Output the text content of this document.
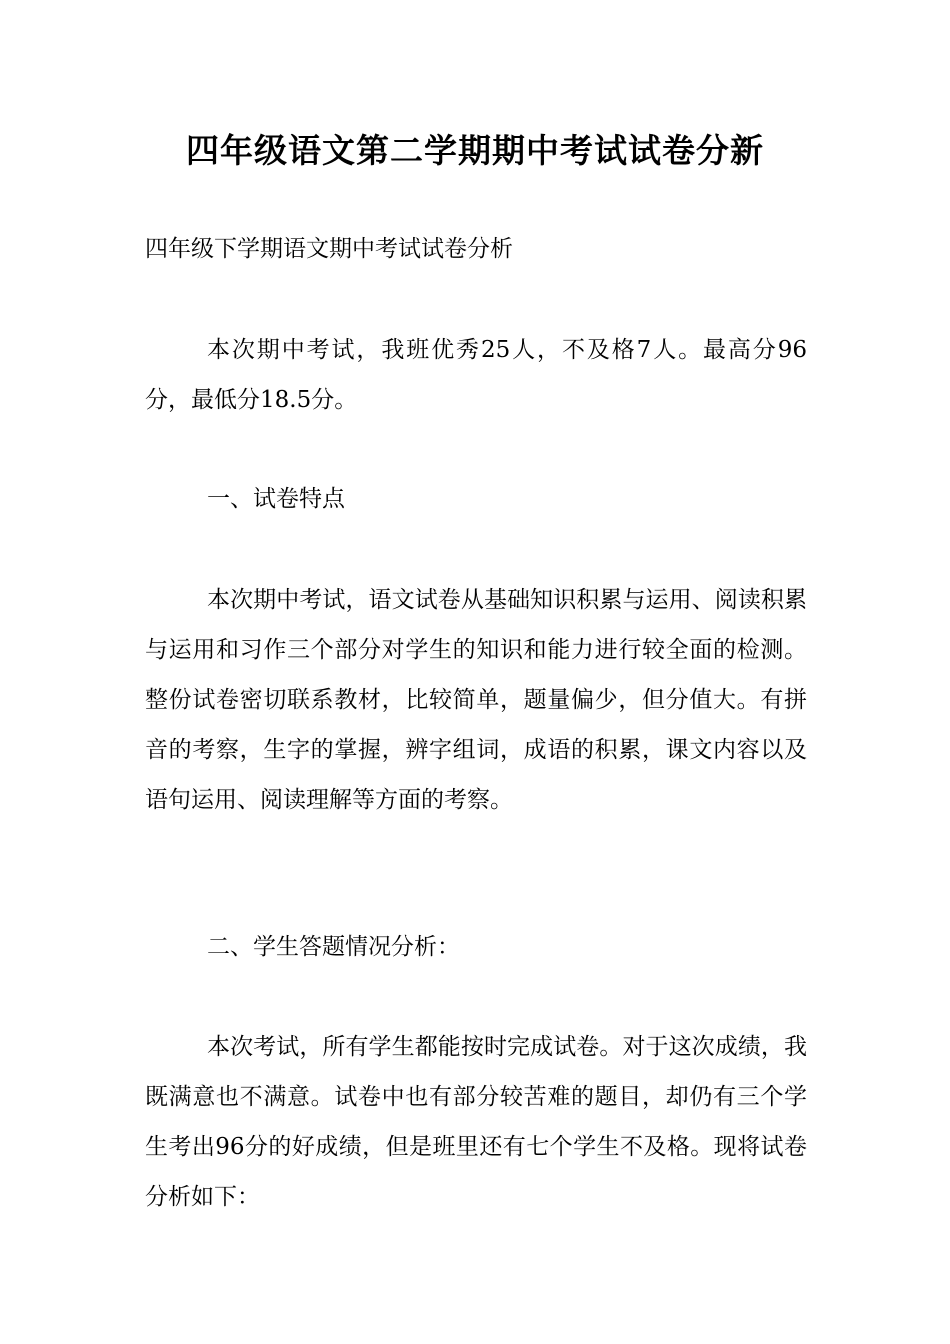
四年级语文第二学期期中考试试卷分新

四年级下学期语文期中考试试卷分析

本次期中考试，我班优秀25人，不及格7人。最高分96分，最低分18.5分。

一、试卷特点

本次期中考试，语文试卷从基础知识积累与运用、阅读积累与运用和习作三个部分对学生的知识和能力进行较全面的检测。整份试卷密切联系教材，比较简单，题量偏少，但分值大。有拼音的考察，生字的掌握，辨字组词，成语的积累，课文内容以及语句运用、阅读理解等方面的考察。

二、学生答题情况分析：

本次考试，所有学生都能按时完成试卷。对于这次成绩，我既满意也不满意。试卷中也有部分较苦难的题目，却仍有三个学生考出96分的好成绩，但是班里还有七个学生不及格。现将试卷分析如下：
